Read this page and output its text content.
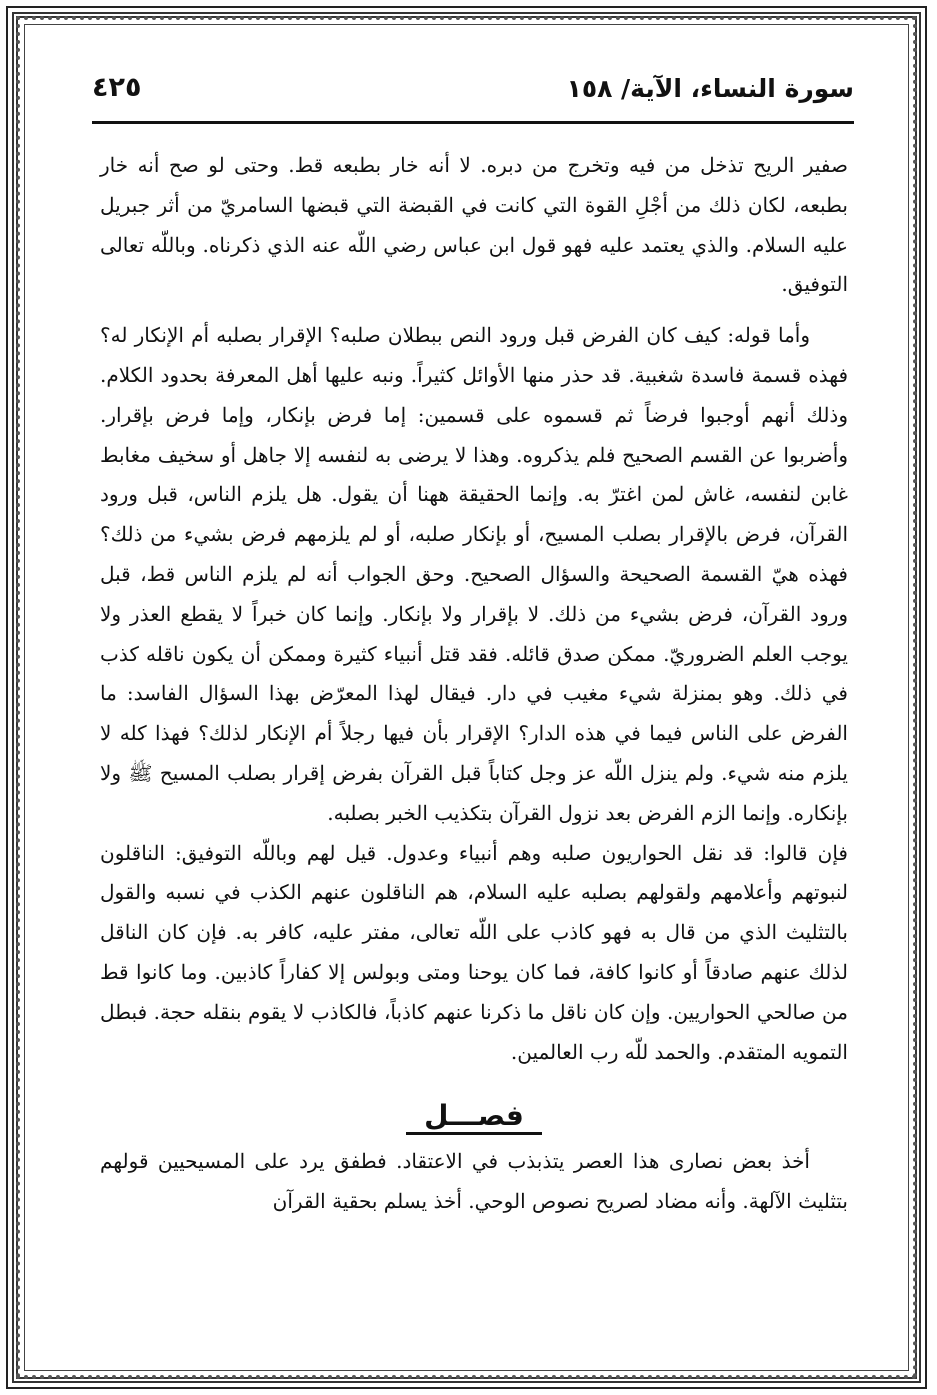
سورة النساء، الآية/ ١٥٨
٤٢٥

صفير الريح تذخل من فيه وتخرج من دبره. لا أنه خار بطبعه قط. وحتى لو صح أنه خار بطبعه، لكان ذلك من أجْلِ القوة التي كانت في القبضة التي قبضها السامريّ من أثر جبريل عليه السلام. والذي يعتمد عليه فهو قول ابن عباس رضي اللّه عنه الذي ذكرناه. وباللّه تعالى التوفيق.

وأما قوله: كيف كان الفرض قبل ورود النص ببطلان صلبه؟ الإقرار بصلبه أم الإنكار له؟ فهذه قسمة فاسدة شغبية. قد حذر منها الأوائل كثيراً. ونبه عليها أهل المعرفة بحدود الكلام. وذلك أنهم أوجبوا فرضاً ثم قسموه على قسمين: إما فرض بإنكار، وإما فرض بإقرار. وأضربوا عن القسم الصحيح فلم يذكروه. وهذا لا يرضى به لنفسه إلا جاهل أو سخيف مغابط غابن لنفسه، غاش لمن اغترّ به. وإنما الحقيقة ههنا أن يقول. هل يلزم الناس، قبل ورود القرآن، فرض بالإقرار بصلب المسيح، أو بإنكار صلبه، أو لم يلزمهم فرض بشيء من ذلك؟ فهذه هيّ القسمة الصحيحة والسؤال الصحيح. وحق الجواب أنه لم يلزم الناس قط، قبل ورود القرآن، فرض بشيء من ذلك. لا بإقرار ولا بإنكار. وإنما كان خبراً لا يقطع العذر ولا يوجب العلم الضروريّ. ممكن صدق قائله. فقد قتل أنبياء كثيرة وممكن أن يكون ناقله كذب في ذلك. وهو بمنزلة شيء مغيب في دار. فيقال لهذا المعرّض بهذا السؤال الفاسد: ما الفرض على الناس فيما في هذه الدار؟ الإقرار بأن فيها رجلاً أم الإنكار لذلك؟ فهذا كله لا يلزم منه شيء. ولم ينزل اللّه عز وجل كتاباً قبل القرآن بفرض إقرار بصلب المسيح ﷺ ولا بإنكاره. وإنما الزم الفرض بعد نزول القرآن بتكذيب الخبر بصلبه.

فإن قالوا: قد نقل الحواريون صلبه وهم أنبياء وعدول. قيل لهم وباللّه التوفيق: الناقلون لنبوتهم وأعلامهم ولقولهم بصلبه عليه السلام، هم الناقلون عنهم الكذب في نسبه والقول بالتثليث الذي من قال به فهو كاذب على اللّه تعالى، مفتر عليه، كافر به. فإن كان الناقل لذلك عنهم صادقاً أو كانوا كافة، فما كان يوحنا ومتى وبولس إلا كفاراً كاذبين. وما كانوا قط من صالحي الحواريين. وإن كان ناقل ما ذكرنا عنهم كاذباً، فالكاذب لا يقوم بنقله حجة. فبطل التمويه المتقدم. والحمد للّه رب العالمين.

فصـــل

أخذ بعض نصارى هذا العصر يتذبذب في الاعتقاد. فطفق يرد على المسيحيين قولهم بتثليث الآلهة. وأنه مضاد لصريح نصوص الوحي. أخذ يسلم بحقية القرآن
